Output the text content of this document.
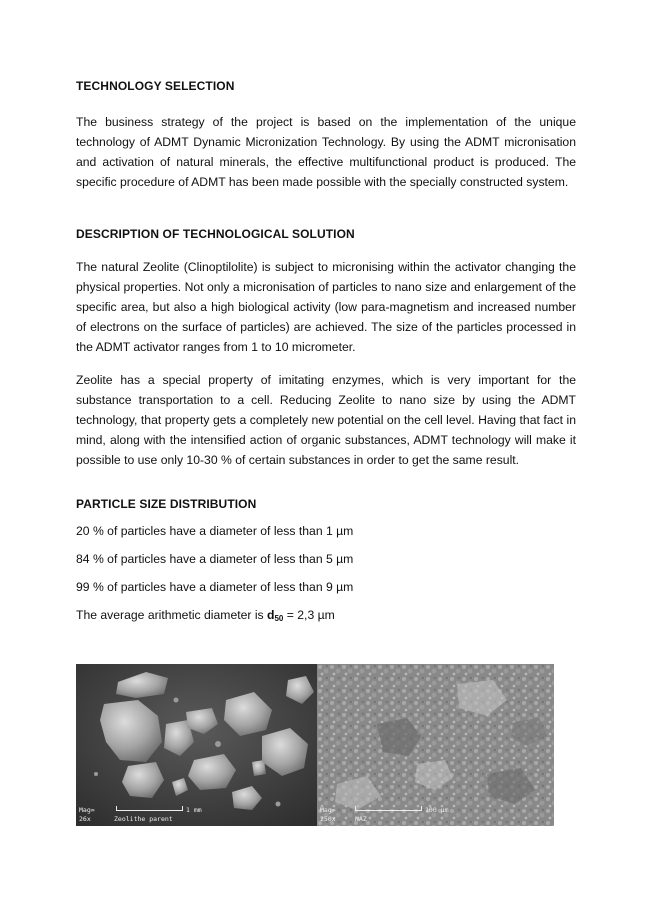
TECHNOLOGY SELECTION
The business strategy of the project is based on the implementation of the unique technology of ADMT Dynamic Micronization Technology. By using the ADMT micronisation and activation of natural minerals, the effective multifunctional product is produced. The specific procedure of ADMT has been made possible with the specially constructed system.
DESCRIPTION OF TECHNOLOGICAL SOLUTION
The natural Zeolite (Clinoptilolite) is subject to micronising within the activator changing the physical properties. Not only a micronisation of particles to nano size and enlargement of the specific area, but also a high biological activity (low para-magnetism and increased number of electrons on the surface of particles) are achieved. The size of the particles processed in the ADMT activator ranges from 1 to 10 micrometer.
Zeolite has a special property of imitating enzymes, which is very important for the substance transportation to a cell. Reducing Zeolite to nano size by using the ADMT technology, that property gets a completely new potential on the cell level. Having that fact in mind, along with the intensified action of organic substances, ADMT technology will make it possible to use only 10-30 % of certain substances in order to get the same result.
PARTICLE SIZE DISTRIBUTION
20 % of particles have a diameter of less than 1 µm
84 % of particles have a diameter of less than 5 µm
99 % of particles have a diameter of less than 9 µm
The average arithmetic diameter is $d_{50} = 2,3$ µm
Mag=
26x
1 mm
Zeolithe parent
Mag=
250x
100 µm
NAZ
